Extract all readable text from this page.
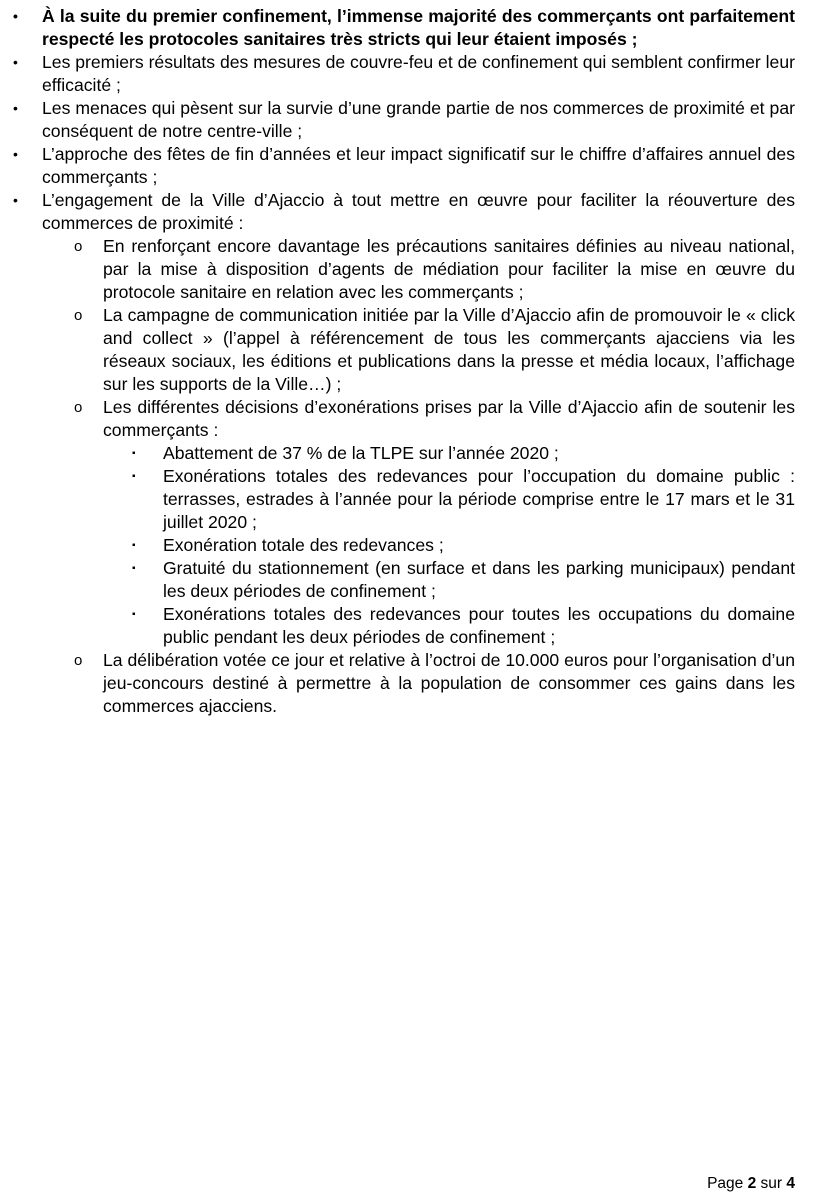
• À la suite du premier confinement, l’immense majorité des commerçants ont parfaitement respecté les protocoles sanitaires très stricts qui leur étaient imposés ;

• Les premiers résultats des mesures de couvre-feu et de confinement qui semblent confirmer leur efficacité ;

• Les menaces qui pèsent sur la survie d’une grande partie de nos commerces de proximité et par conséquent de notre centre-ville ;

• L’approche des fêtes de fin d’années et leur impact significatif sur le chiffre d’affaires annuel des commerçants ;

• L’engagement de la Ville d’Ajaccio à tout mettre en œuvre pour faciliter la réouverture des commerces de proximité :

o En renforçant encore davantage les précautions sanitaires définies au niveau national, par la mise à disposition d’agents de médiation pour faciliter la mise en œuvre du protocole sanitaire en relation avec les commerçants ;

o La campagne de communication initiée par la Ville d’Ajaccio afin de promouvoir le « click and collect » (l’appel à référencement de tous les commerçants ajacciens via les réseaux sociaux, les éditions et publications dans la presse et média locaux, l’affichage sur les supports de la Ville…) ;

o Les différentes décisions d’exonérations prises par la Ville d’Ajaccio afin de soutenir les commerçants :

▪ Abattement de 37 % de la TLPE sur l’année 2020 ;

▪ Exonérations totales des redevances pour l’occupation du domaine public : terrasses, estrades à l’année pour la période comprise entre le 17 mars et le 31 juillet 2020 ;

▪ Exonération totale des redevances ;

▪ Gratuité du stationnement (en surface et dans les parking municipaux) pendant les deux périodes de confinement ;

▪ Exonérations totales des redevances pour toutes les occupations du domaine public pendant les deux périodes de confinement ;

o La délibération votée ce jour et relative à l’octroi de 10.000 euros pour l’organisation d’un jeu-concours destiné à permettre à la population de consommer ces gains dans les commerces ajacciens.

Page 2 sur 4
